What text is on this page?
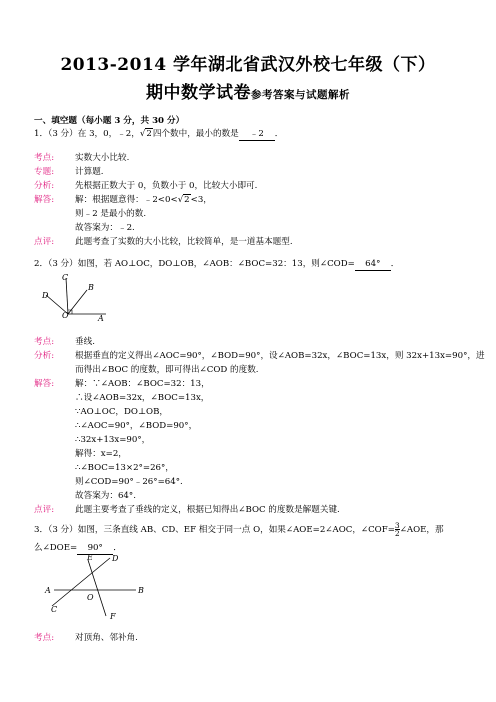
2013-2014 学年湖北省武汉外校七年级（下）
期中数学试卷参考答案与试题解析
一、填空题（每小题 3 分，共 30 分）
1．（3 分）在 3，0，﹣2，√2四个数中，最小的数是 ﹣2 ．
考点: 实数大小比较.
专题: 计算题.
分析: 先根据正数大于 0，负数小于 0，比较大小即可.
解答: 解：根据题意得：﹣2<0<√2<3，
则﹣2 是最小的数.
故答案为：﹣2.
点评: 此题考查了实数的大小比较，比较简单，是一道基本题型.
2．（3 分）如图，若 AO⊥OC，DO⊥OB，∠AOB：∠BOC=32：13，则∠COD= 64° ．
C
B
D
O	A
考点: 垂线.
分析: 根据垂直的定义得出∠AOC=90°，∠BOD=90°，设∠AOB=32x，∠BOC=13x，则 32x+13x=90°，进
而得出∠BOC 的度数，即可得出∠COD 的度数.
解答: 解：∵∠AOB：∠BOC=32：13，
∴设∠AOB=32x，∠BOC=13x，
∵AO⊥OC，DO⊥OB，
∴∠AOC=90°，∠BOD=90°，
∴32x+13x=90°，
解得：x=2，
∴∠BOC=13×2°=26°，
则∠COD=90°﹣26°=64°.
故答案为：64°.
点评: 此题主要考查了垂线的定义，根据已知得出∠BOC 的度数是解题关键.
3．（3 分）如图，三条直线 AB、CD、EF 相交于同一点 O，如果∠AOE=2∠AOC，∠COF= $\frac{3}{2}$ ∠AOE，那
么∠DOE= 90° ．
E D
A	B
O
C
F
考点: 对顶角、邻补角.
